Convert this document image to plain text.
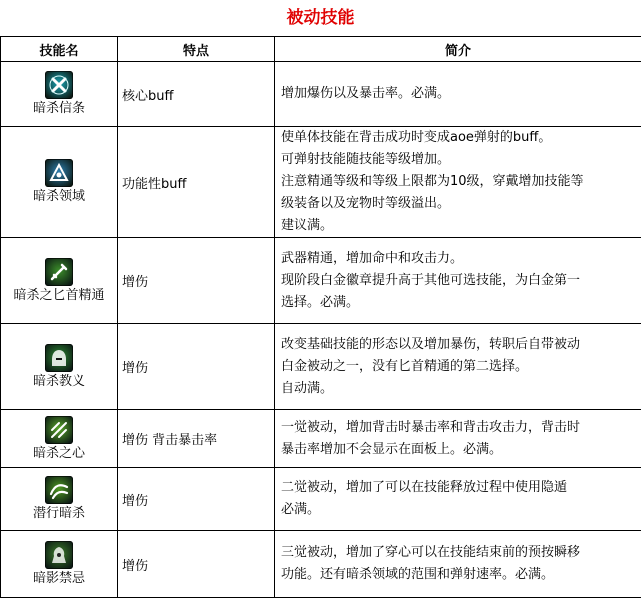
被动技能
技能名	特点	简介

暗杀信条	核心buff	增加爆伤以及暴击率。必满。

暗杀领域	功能性buff	使单体技能在背击成功时变成aoe弹射的buff。
可弹射技能随技能等级增加。
注意精通等级和等级上限都为10级，穿戴增加技能等
级装备以及宠物时等级溢出。
建议满。

暗杀之匕首精通	增伤	武器精通，增加命中和攻击力。
现阶段白金徽章提升高于其他可选技能，为白金第一
选择。必满。

暗杀教义	增伤	改变基础技能的形态以及增加暴伤，转职后自带被动
白金被动之一，没有匕首精通的第二选择。
自动满。

暗杀之心	增伤 背击暴击率	一觉被动，增加背击时暴击率和背击攻击力，背击时
暴击率增加不会显示在面板上。必满。

潜行暗杀	增伤	二觉被动，增加了可以在技能释放过程中使用隐遁
必满。

暗影禁忌	增伤	三觉被动，增加了穿心可以在技能结束前的预按瞬移
功能。还有暗杀领域的范围和弹射速率。必满。
